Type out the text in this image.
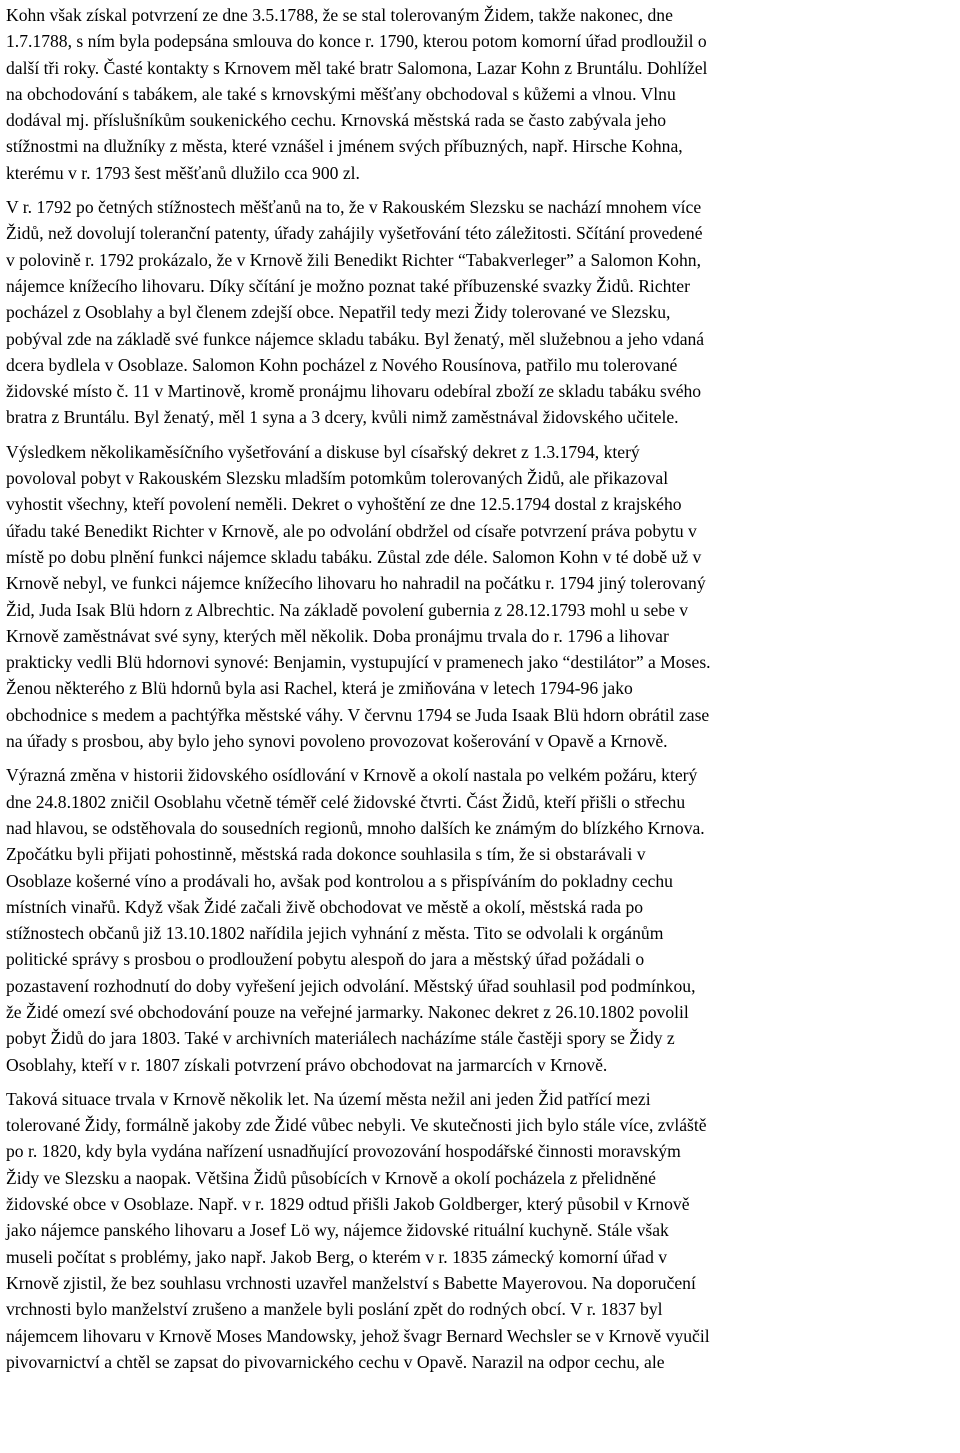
Kohn však získal potvrzení ze dne 3.5.1788, že se stal tolerovaným Židem, takže nakonec, dne
1.7.1788, s ním byla podepsána smlouva do konce r. 1790, kterou potom komorní úřad prodloužil o
další tři roky. Časté kontakty s Krnovem měl také bratr Salomona, Lazar Kohn z Bruntálu. Dohlížel
na obchodování s tabákem, ale také s krnovskými měšťany obchodoval s kůžemi a vlnou. Vlnu
dodával mj. příslušníkům soukenického cechu. Krnovská městská rada se často zabývala jeho
stížnostmi na dlužníky z města, které vznášel i jménem svých příbuzných, např. Hirsche Kohna,
kterému v r. 1793 šest měšťanů dlužilo cca 900 zl.

V r. 1792 po četných stížnostech měšťanů na to, že v Rakouském Slezsku se nachází mnohem více
Židů, než dovolují toleranční patenty, úřady zahájily vyšetřování této záležitosti. Sčítání provedené
v polovině r. 1792 prokázalo, že v Krnově žili Benedikt Richter “Tabakverleger” a Salomon Kohn,
nájemce knížecího lihovaru. Díky sčítání je možno poznat také příbuzenské svazky Židů. Richter
pocházel z Osoblahy a byl členem zdejší obce. Nepatřil tedy mezi Židy tolerované ve Slezsku,
pobýval zde na základě své funkce nájemce skladu tabáku. Byl ženatý, měl služebnou a jeho vdaná
dcera bydlela v Osoblaze. Salomon Kohn pocházel z Nového Rousínova, patřilo mu tolerované
židovské místo č. 11 v Martinově, kromě pronájmu lihovaru odebíral zboží ze skladu tabáku svého
bratra z Bruntálu. Byl ženatý, měl 1 syna a 3 dcery, kvůli nimž zaměstnával židovského učitele.

Výsledkem několikaměsíčního vyšetřování a diskuse byl císařský dekret z 1.3.1794, který
povoloval pobyt v Rakouském Slezsku mladším potomkům tolerovaných Židů, ale přikazoval
vyhostit všechny, kteří povolení neměli. Dekret o vyhoštění ze dne 12.5.1794 dostal z krajského
úřadu také Benedikt Richter v Krnově, ale po odvolání obdržel od císaře potvrzení práva pobytu v
místě po dobu plnění funkci nájemce skladu tabáku. Zůstal zde déle. Salomon Kohn v té době už v
Krnově nebyl, ve funkci nájemce knížecího lihovaru ho nahradil na počátku r. 1794 jiný tolerovaný
Žid, Juda Isak Blü hdorn z Albrechtic. Na základě povolení gubernia z 28.12.1793 mohl u sebe v
Krnově zaměstnávat své syny, kterých měl několik. Doba pronájmu trvala do r. 1796 a lihovar
prakticky vedli Blü hdornovi synové: Benjamin, vystupující v pramenech jako “destilátor” a Moses.
Ženou některého z Blü hdornů byla asi Rachel, která je zmiňována v letech 1794-96 jako
obchodnice s medem a pachtýřka městské váhy. V červnu 1794 se Juda Isaak Blü hdorn obrátil zase
na úřady s prosbou, aby bylo jeho synovi povoleno provozovat košerování v Opavě a Krnově.

Výrazná změna v historii židovského osídlování v Krnově a okolí nastala po velkém požáru, který
dne 24.8.1802 zničil Osoblahu včetně téměř celé židovské čtvrti. Část Židů, kteří přišli o střechu
nad hlavou, se odstěhovala do sousedních regionů, mnoho dalších ke známým do blízkého Krnova.
Zpočátku byli přijati pohostinně, městská rada dokonce souhlasila s tím, že si obstarávali v
Osoblaze košerné víno a prodávali ho, avšak pod kontrolou a s přispíváním do pokladny cechu
místních vinařů. Když však Židé začali živě obchodovat ve městě a okolí, městská rada po
stížnostech občanů již 13.10.1802 nařídila jejich vyhnání z města. Tito se odvolali k orgánům
politické správy s prosbou o prodloužení pobytu alespoň do jara a městský úřad požádali o
pozastavení rozhodnutí do doby vyřešení jejich odvolání. Městský úřad souhlasil pod podmínkou,
že Židé omezí své obchodování pouze na veřejné jarmarky. Nakonec dekret z 26.10.1802 povolil
pobyt Židů do jara 1803. Také v archivních materiálech nacházíme stále častěji spory se Židy z
Osoblahy, kteří v r. 1807 získali potvrzení právo obchodovat na jarmarcích v Krnově.

Taková situace trvala v Krnově několik let. Na území města nežil ani jeden Žid patřící mezi
tolerované Židy, formálně jakoby zde Židé vůbec nebyli. Ve skutečnosti jich bylo stále více, zvláště
po r. 1820, kdy byla vydána nařízení usnadňující provozování hospodářské činnosti moravským
Židy ve Slezsku a naopak. Většina Židů působících v Krnově a okolí pocházela z přelidněné
židovské obce v Osoblaze. Např. v r. 1829 odtud přišli Jakob Goldberger, který působil v Krnově
jako nájemce panského lihovaru a Josef Lö wy, nájemce židovské rituální kuchyně. Stále však
museli počítat s problémy, jako např. Jakob Berg, o kterém v r. 1835 zámecký komorní úřad v
Krnově zjistil, že bez souhlasu vrchnosti uzavřel manželství s Babette Mayerovou. Na doporučení
vrchnosti bylo manželství zrušeno a manžele byli poslání zpět do rodných obcí. V r. 1837 byl
nájemcem lihovaru v Krnově Moses Mandowsky, jehož švagr Bernard Wechsler se v Krnově vyučil
pivovarnictví a chtěl se zapsat do pivovarnického cechu v Opavě. Narazil na odpor cechu, ale
